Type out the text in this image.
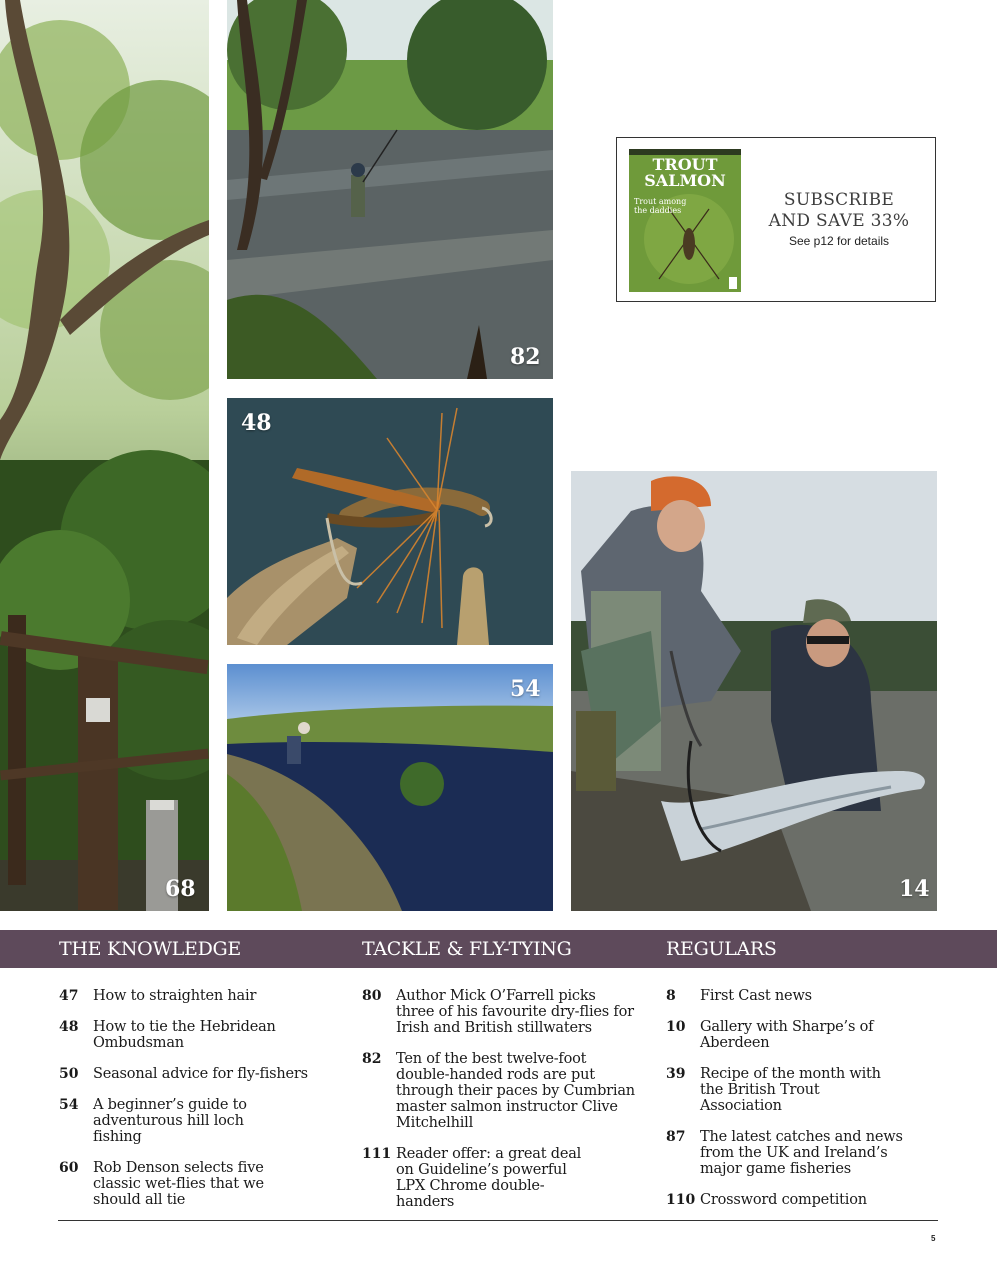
68
82
48
54
14
TROUT
SALMON
Trout among the daddies
SUBSCRIBE
AND SAVE 33%
See p12 for details
THE KNOWLEDGE	TACKLE & FLY-TYING	REGULARS
47	How to straighten hair
48	How to tie the Hebridean Ombudsman
50	Seasonal advice for fly-fishers
54	A beginner’s guide to adventurous hill loch fishing
60	Rob Denson selects five classic wet-flies that we should all tie
80	Author Mick O’Farrell picks three of his favourite dry-flies for Irish and British stillwaters
82	Ten of the best twelve-foot double-handed rods are put through their paces by Cumbrian master salmon instructor Clive Mitchelhill
111 Reader offer: a great deal on Guideline’s powerful LPX Chrome double-handers
8	First Cast news
10	Gallery with Sharpe’s of Aberdeen
39	Recipe of the month with the British Trout Association
87	The latest catches and news from the UK and Ireland’s major game fisheries
110 Crossword competition
5
